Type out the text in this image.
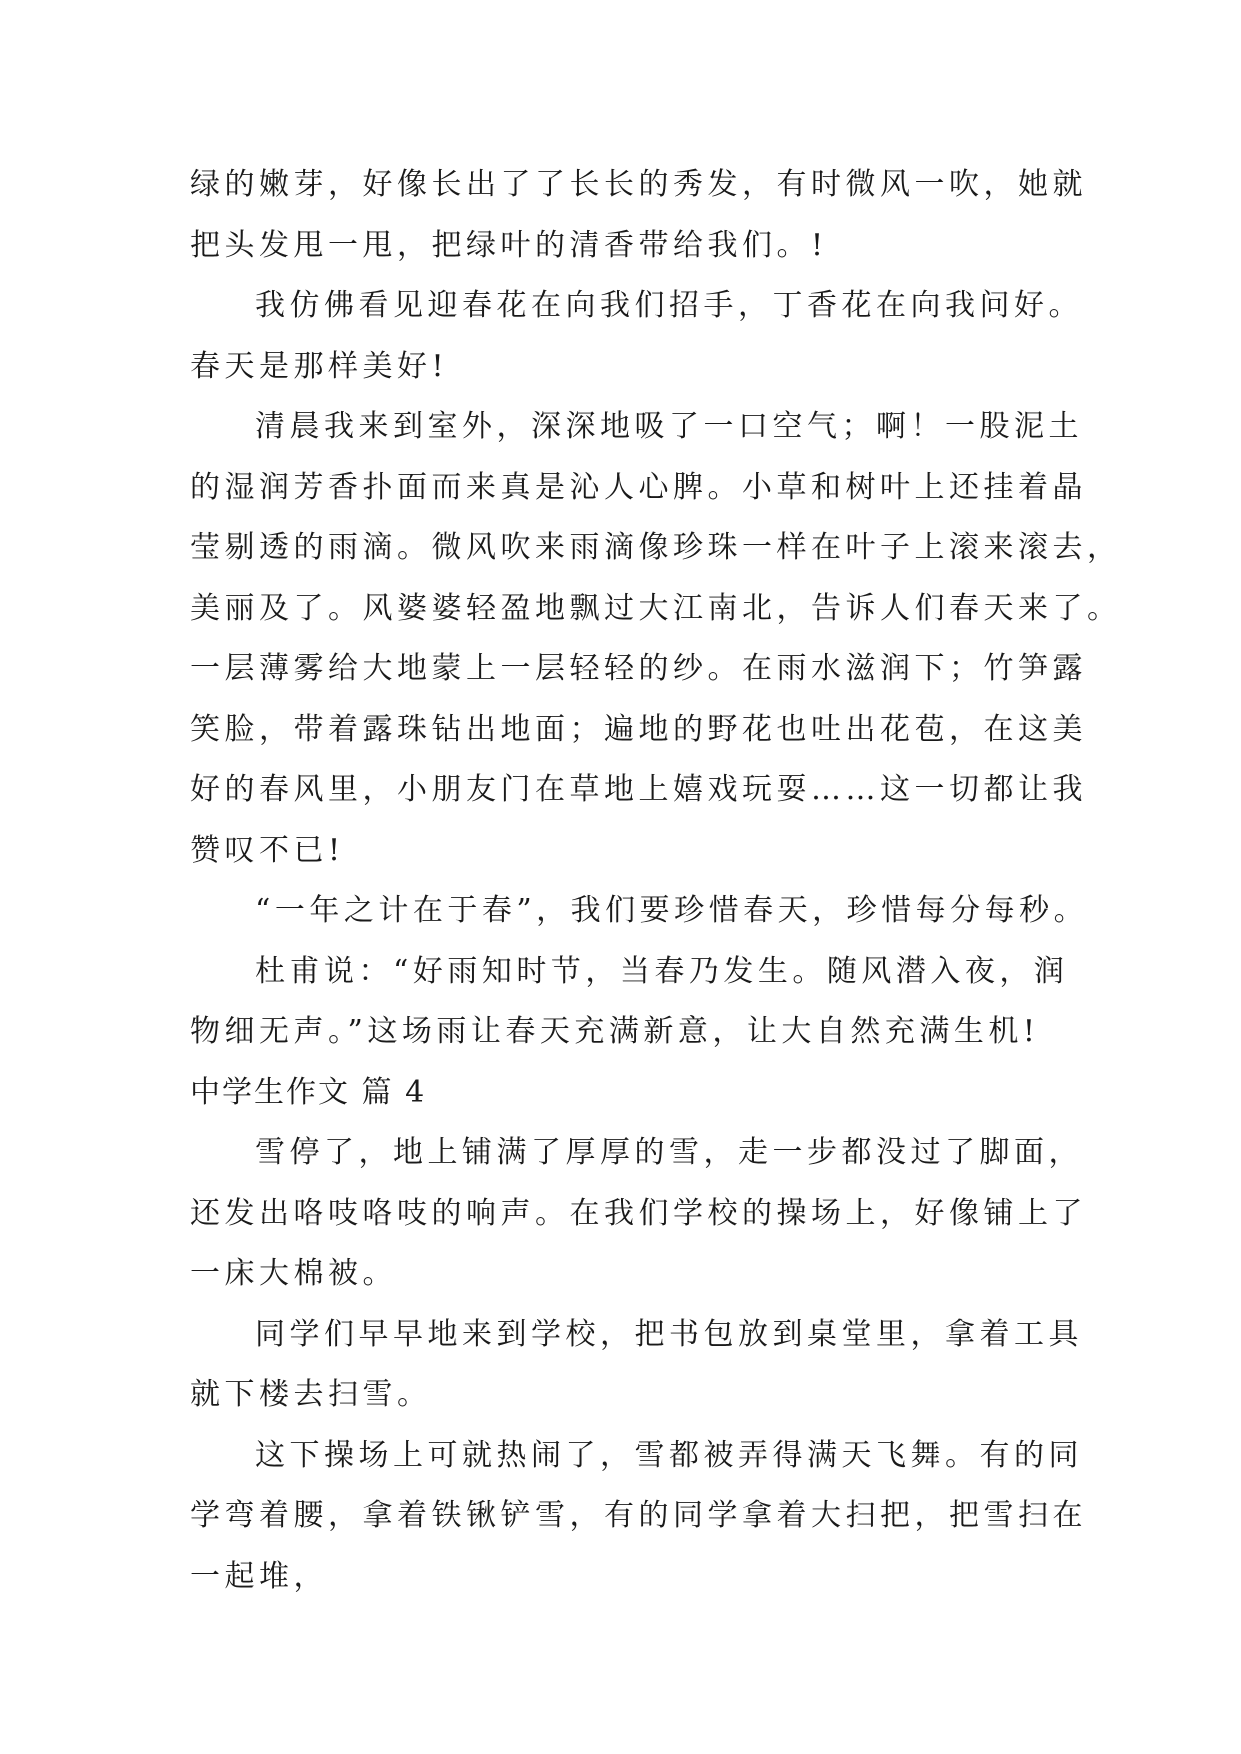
绿的嫩芽，好像长出了了长长的秀发，有时微风一吹，她就
把头发甩一甩，把绿叶的清香带给我们。!

我仿佛看见迎春花在向我们招手，丁香花在向我问好。
春天是那样美好!

清晨我来到室外，深深地吸了一口空气；啊！一股泥土
的湿润芳香扑面而来真是沁人心脾。小草和树叶上还挂着晶
莹剔透的雨滴。微风吹来雨滴像珍珠一样在叶子上滚来滚去，
美丽及了。风婆婆轻盈地飘过大江南北，告诉人们春天来了。
一层薄雾给大地蒙上一层轻轻的纱。在雨水滋润下；竹笋露
笑脸，带着露珠钻出地面；遍地的野花也吐出花苞，在这美
好的春风里，小朋友门在草地上嬉戏玩耍……这一切都让我
赞叹不已!

“一年之计在于春”，我们要珍惜春天，珍惜每分每秒。

杜甫说：“好雨知时节，当春乃发生。随风潜入夜，润
物细无声。”这场雨让春天充满新意，让大自然充满生机!

中学生作文 篇 4

雪停了，地上铺满了厚厚的雪，走一步都没过了脚面，
还发出咯吱咯吱的响声。在我们学校的操场上，好像铺上了
一床大棉被。

同学们早早地来到学校，把书包放到桌堂里，拿着工具
就下楼去扫雪。

这下操场上可就热闹了，雪都被弄得满天飞舞。有的同
学弯着腰，拿着铁锹铲雪，有的同学拿着大扫把，把雪扫在
一起堆，
